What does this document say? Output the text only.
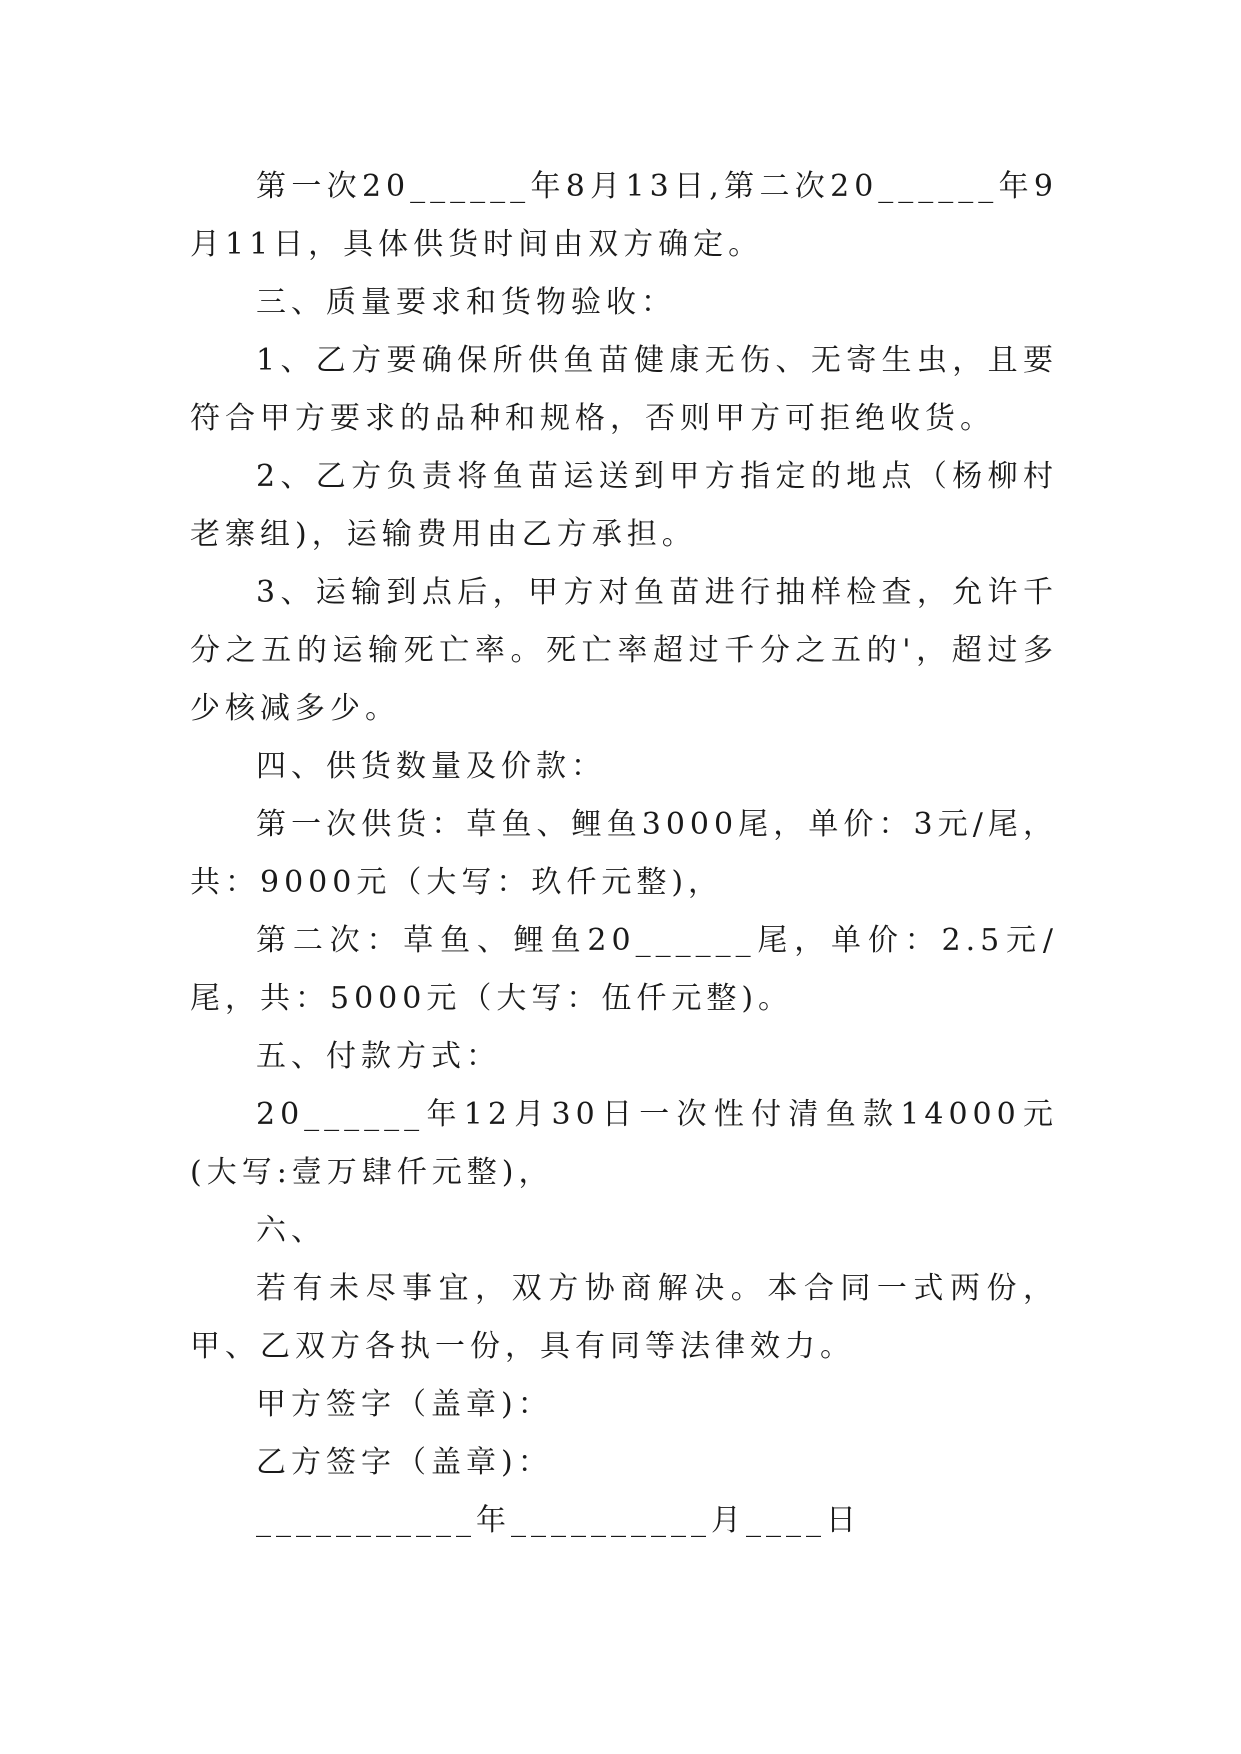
第一次20______年8月13日,第二次20______年9月11日，具体供货时间由双方确定。

三、质量要求和货物验收：

1、乙方要确保所供鱼苗健康无伤、无寄生虫，且要符合甲方要求的品种和规格，否则甲方可拒绝收货。

2、乙方负责将鱼苗运送到甲方指定的地点（杨柳村老寨组)，运输费用由乙方承担。

3、运输到点后，甲方对鱼苗进行抽样检查，允许千分之五的运输死亡率。死亡率超过千分之五的'，超过多少核减多少。

四、供货数量及价款：

第一次供货：草鱼、鲤鱼3000尾，单价：3元/尾，共：9000元（大写：玖仟元整)，

第二次：草鱼、鲤鱼20______尾，单价：2.5元/尾，共：5000元（大写：伍仟元整)。

五、付款方式：

20______年12月30日一次性付清鱼款14000元(大写:壹万肆仟元整)，

六、

若有未尽事宜，双方协商解决。本合同一式两份，甲、乙双方各执一份，具有同等法律效力。

甲方签字（盖章)：

乙方签字（盖章)：

___________年__________月____日
